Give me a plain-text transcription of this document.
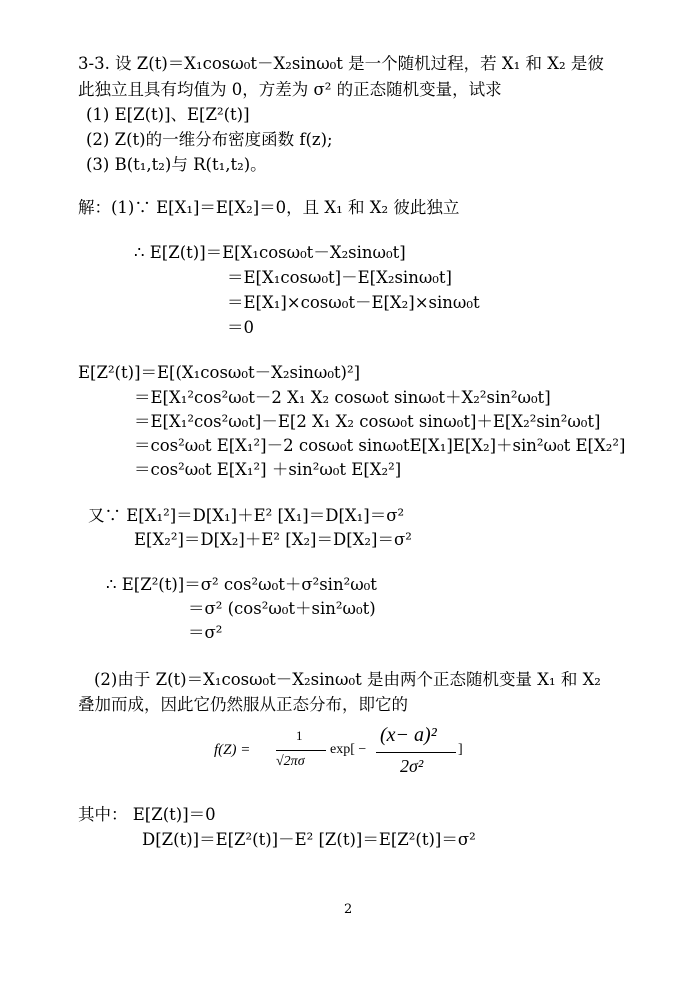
3-3. 设 Z(t)＝X₁cosω₀t－X₂sinω₀t 是一个随机过程，若 X₁ 和 X₂ 是彼
此独立且具有均值为 0，方差为 σ² 的正态随机变量，试求
(1) E[Z(t)]、E[Z²(t)]
(2) Z(t)的一维分布密度函数 f(z);
(3) B(t₁,t₂)与 R(t₁,t₂)。
解：(1)∵ E[X₁]＝E[X₂]＝0，且 X₁ 和 X₂ 彼此独立
∴ E[Z(t)]＝E[X₁cosω₀t－X₂sinω₀t]
＝E[X₁cosω₀t]－E[X₂sinω₀t]
＝E[X₁]×cosω₀t－E[X₂]×sinω₀t
＝0
E[Z²(t)]＝E[(X₁cosω₀t－X₂sinω₀t)²]
＝E[X₁²cos²ω₀t－2 X₁ X₂ cosω₀t sinω₀t＋X₂²sin²ω₀t]
＝E[X₁²cos²ω₀t]－E[2 X₁ X₂ cosω₀t sinω₀t]＋E[X₂²sin²ω₀t]
＝cos²ω₀t E[X₁²]－2 cosω₀t sinω₀tE[X₁]E[X₂]＋sin²ω₀t E[X₂²]
＝cos²ω₀t E[X₁²] ＋sin²ω₀t E[X₂²]
又∵ E[X₁²]＝D[X₁]＋E² [X₁]＝D[X₁]＝σ²
E[X₂²]＝D[X₂]＋E² [X₂]＝D[X₂]＝σ²
∴ E[Z²(t)]＝σ² cos²ω₀t＋σ²sin²ω₀t
＝σ² (cos²ω₀t＋sin²ω₀t)
＝σ²
(2)由于 Z(t)＝X₁cosω₀t－X₂sinω₀t 是由两个正态随机变量 X₁ 和 X₂
叠加而成，因此它仍然服从正态分布，即它的
f(Z) =
1
√2πσ
exp[ −
(x− a)²
2σ²
]
其中： E[Z(t)]＝0
D[Z(t)]＝E[Z²(t)]－E² [Z(t)]＝E[Z²(t)]＝σ²
2
